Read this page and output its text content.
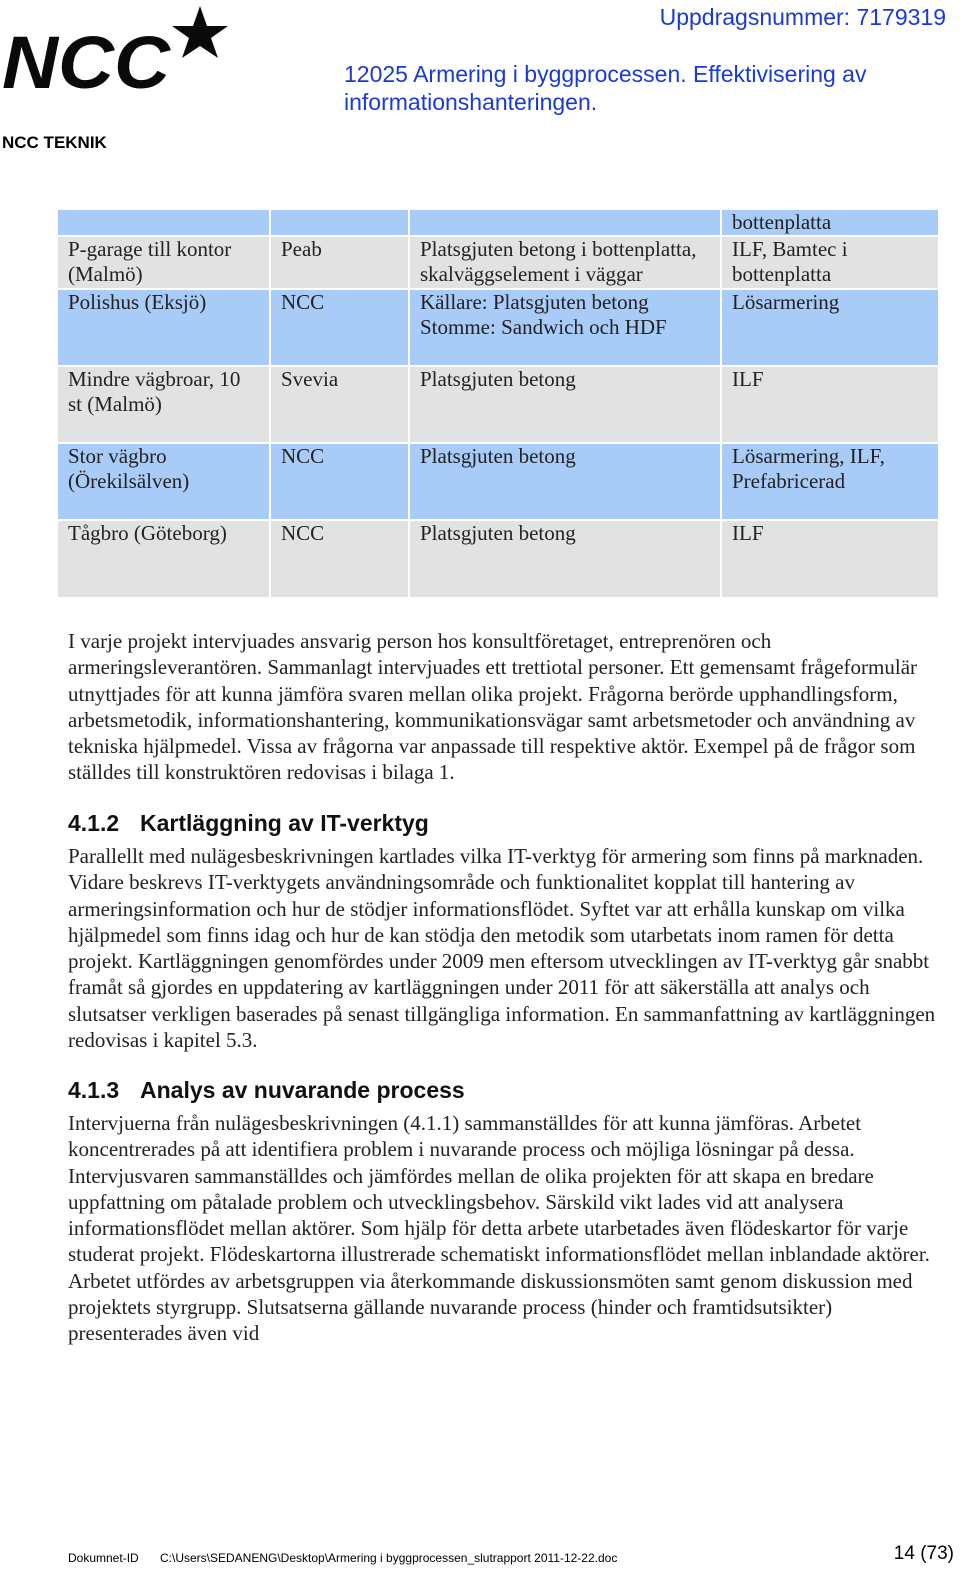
NCC
NCC TEKNIK
Uppdragsnummer: 7179319
12025 Armering i byggprocessen. Effektivisering av informationshanteringen.
			bottenplatta
P-garage till kontor (Malmö)	Peab	Platsgjuten betong i bottenplatta, skalväggselement i väggar	ILF, Bamtec i bottenplatta
Polishus (Eksjö)	NCC	Källare: Platsgjuten betong Stomme: Sandwich och HDF	Lösarmering
Mindre vägbroar, 10 st (Malmö)	Svevia	Platsgjuten betong	ILF
Stor vägbro (Örekilsälven)	NCC	Platsgjuten betong	Lösarmering, ILF, Prefabricerad
Tågbro (Göteborg)	NCC	Platsgjuten betong	ILF

I varje projekt intervjuades ansvarig person hos konsultföretaget, entreprenören och armeringsleverantören. Sammanlagt intervjuades ett trettiotal personer. Ett gemensamt frågeformulär utnyttjades för att kunna jämföra svaren mellan olika projekt. Frågorna berörde upphandlingsform, arbetsmetodik, informationshantering, kommunikationsvägar samt arbetsmetoder och användning av tekniska hjälpmedel. Vissa av frågorna var anpassade till respektive aktör. Exempel på de frågor som ställdes till konstruktören redovisas i bilaga 1.

4.1.2 Kartläggning av IT-verktyg

Parallellt med nulägesbeskrivningen kartlades vilka IT-verktyg för armering som finns på marknaden. Vidare beskrevs IT-verktygets användningsområde och funktionalitet kopplat till hantering av armeringsinformation och hur de stödjer informationsflödet. Syftet var att erhålla kunskap om vilka hjälpmedel som finns idag och hur de kan stödja den metodik som utarbetats inom ramen för detta projekt. Kartläggningen genomfördes under 2009 men eftersom utvecklingen av IT-verktyg går snabbt framåt så gjordes en uppdatering av kartläggningen under 2011 för att säkerställa att analys och slutsatser verkligen baserades på senast tillgängliga information. En sammanfattning av kartläggningen redovisas i kapitel 5.3.

4.1.3 Analys av nuvarande process

Intervjuerna från nulägesbeskrivningen (4.1.1) sammanställdes för att kunna jämföras. Arbetet koncentrerades på att identifiera problem i nuvarande process och möjliga lösningar på dessa. Intervjusvaren sammanställdes och jämfördes mellan de olika projekten för att skapa en bredare uppfattning om påtalade problem och utvecklingsbehov. Särskild vikt lades vid att analysera informationsflödet mellan aktörer. Som hjälp för detta arbete utarbetades även flödeskartor för varje studerat projekt. Flödeskartorna illustrerade schematiskt informationsflödet mellan inblandade aktörer. Arbetet utfördes av arbetsgruppen via återkommande diskussionsmöten samt genom diskussion med projektets styrgrupp. Slutsatserna gällande nuvarande process (hinder och framtidsutsikter) presenterades även vid

Dokumnet-ID C:\Users\SEDANENG\Desktop\Armering i byggprocessen_slutrapport 2011-12-22.doc	14 (73)
